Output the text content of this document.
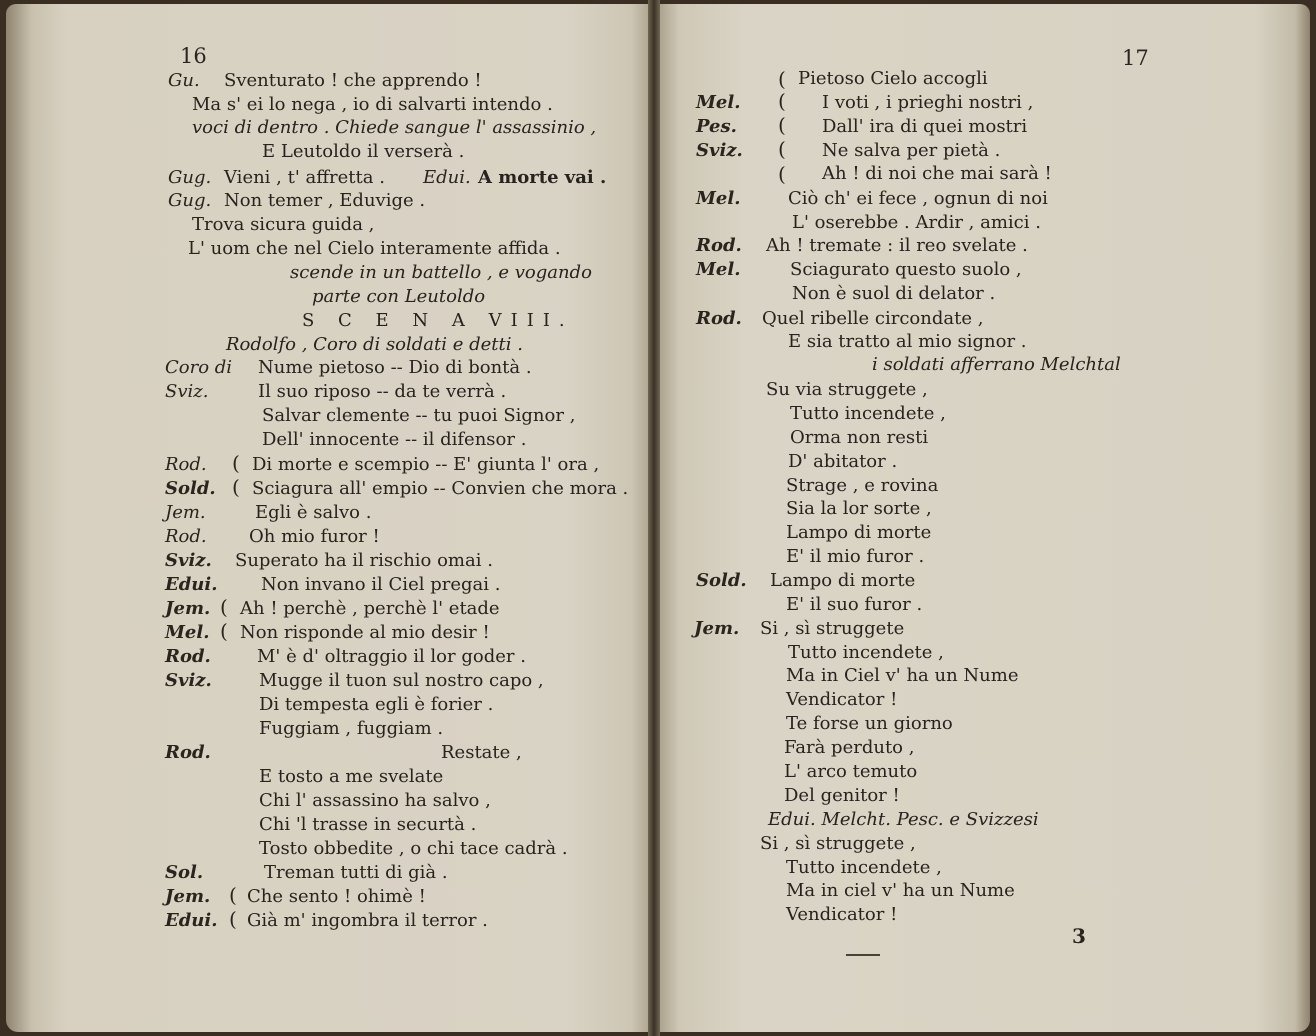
16
Gu. Sventurato ! che apprendo !
Ma s' ei lo nega , io di salvarti intendo .
voci di dentro . Chiede sangue l' assassinio ,
E Leutoldo il verserà .
Gug. Vieni , t' affretta . Edui. A morte vai .
Gug. Non temer , Eduvige .
Trova sicura guida ,
L' uom che nel Cielo interamente affida .
scende in un battello , e vogando
parte con Leutoldo
S C E N A VIII.
Rodolfo , Coro di soldati e detti .
Coro di Nume pietoso -- Dio di bontà .
Sviz.	Il suo riposo -- da te verrà .
Salvar clemente -- tu puoi Signor ,
Dell' innocente -- il difensor .
Rod. ( Di morte e scempio -- E' giunta l' ora ,
Sold. ( Sciagura all' empio -- Convien che mora .
Jem.	Egli è salvo .
Rod. Oh mio furor !
Sviz. Superato ha il rischio omai .
Edui. Non invano il Ciel pregai .
Jem. ( Ah ! perchè , perchè l' etade
Mel. ( Non risponde al mio desir !
Rod.	M' è d' oltraggio il lor goder .
Sviz.	Mugge il tuon sul nostro capo ,
Di tempesta egli è forier .
Fuggiam , fuggiam .
Rod.	Restate ,
E tosto a me svelate
Chi l' assassino ha salvo ,
Chi 'l trasse in securtà .
Tosto obbedite , o chi tace cadrà .
Sol.	Treman tutti di già .
Jem. ( Che sento ! ohimè !
Edui. ( Già m' ingombra il terror .
17
( Pietoso Cielo accogli
Mel. ( I voti , i prieghi nostri ,
Pes. ( Dall' ira di quei mostri
Sviz. ( Ne salva per pietà .
( Ah ! di noi che mai sarà !
Mel.	Ciò ch' ei fece , ognun di noi
L' oserebbe . Ardir , amici .
Rod. Ah ! tremate : il reo svelate .
Mel.	Sciagurato questo suolo ,
Non è suol di delator .
Rod. Quel ribelle circondate ,
E sia tratto al mio signor .
i soldati afferrano Melchtal
Su via struggete ,
Tutto incendete ,
Orma non resti
D' abitator .
Strage , e rovina
Sia la lor sorte ,
Lampo di morte
E' il mio furor .
Sold. Lampo di morte
E' il suo furor .
Jem. Si , sì struggete
Tutto incendete ,
Ma in Ciel v' ha un Nume
Vendicator !
Te forse un giorno
Farà perduto ,
L' arco temuto
Del genitor !
Edui. Melcht. Pesc. e Svizzesi
Si , sì struggete ,
Tutto incendete ,
Ma in ciel v' ha un Nume
Vendicator !
3
